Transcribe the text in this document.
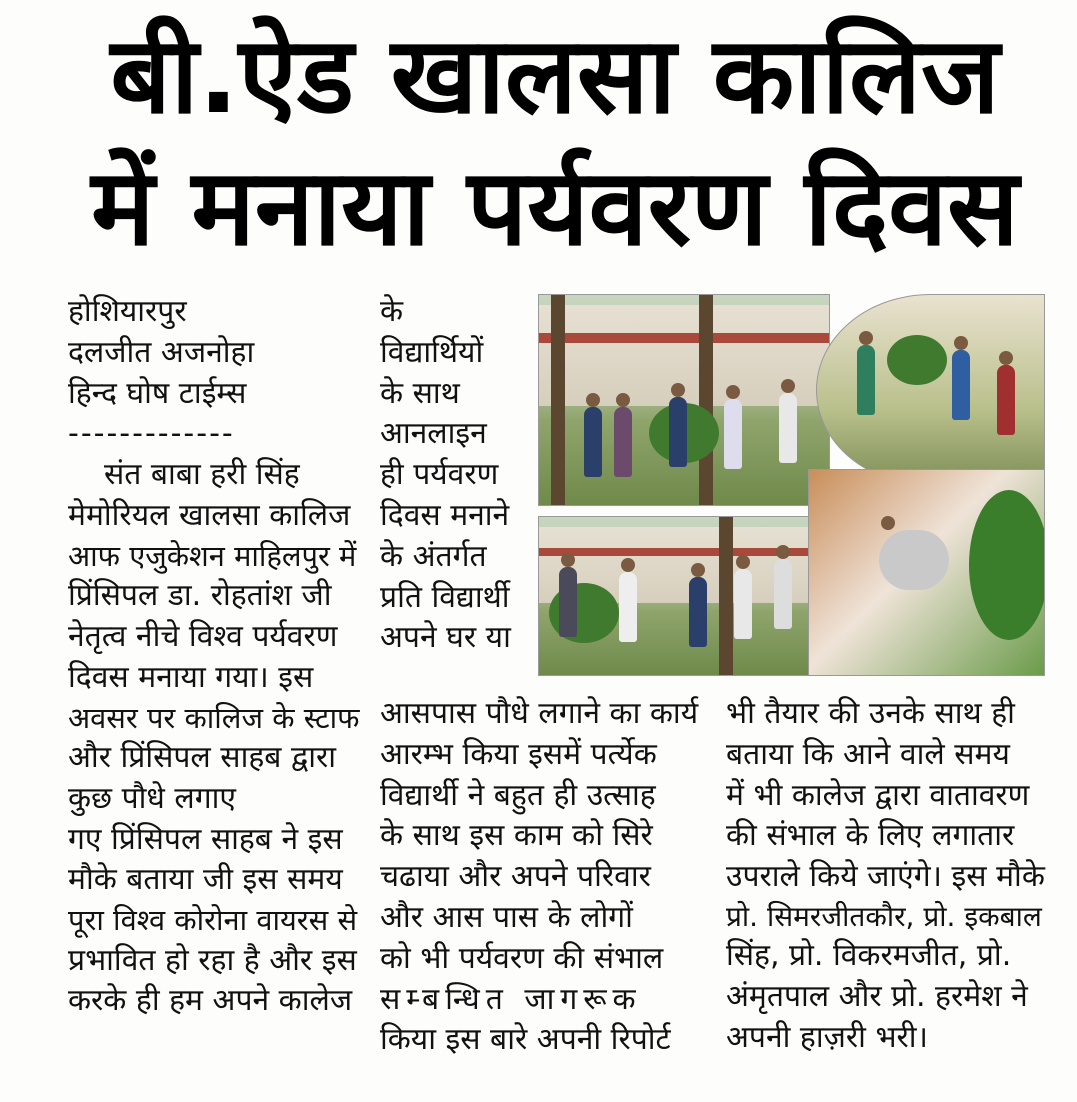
बी.ऐड खालसा कालिज
में मनाया पर्यवरण दिवस
होशियारपुर
दलजीत अजनोहा
हिन्द घोष टाईम्स
-------------
संत बाबा हरी सिंह
मेमोरियल खालसा कालिज
आफ एजुकेशन माहिलपुर में
प्रिंसिपल डा. रोहतांश जी
नेतृत्व नीचे विश्व पर्यवरण
दिवस मनाया गया। इस
अवसर पर कालिज के स्टाफ
और प्रिंसिपल साहब द्वारा
कुछ पौधे लगाए
गए प्रिंसिपल साहब ने इस
मौके बताया जी इस समय
पूरा विश्व कोरोना वायरस से
प्रभावित हो रहा है और इस
करके ही हम अपने कालेज
के
विद्यार्थियों
के साथ
आनलाइन
ही पर्यवरण
दिवस मनाने
के अंतर्गत
प्रति विद्यार्थी
अपने घर या
आसपास पौधे लगाने का कार्य
आरम्भ किया इसमें पर्त्येक
विद्यार्थी ने बहुत ही उत्साह
के साथ इस काम को सिरे
चढाया और अपने परिवार
और आस पास के लोगों
को भी पर्यवरण की संभाल
सम्बन्धित जागरूक
किया इस बारे अपनी रिपोर्ट
भी तैयार की उनके साथ ही
बताया कि आने वाले समय
में भी कालेज द्वारा वातावरण
की संभाल के लिए लगातार
उपराले किये जाएंगे। इस मौके
प्रो. सिमरजीतकौर, प्रो. इकबाल
सिंह, प्रो. विकरमजीत, प्रो.
अंमृतपाल और प्रो. हरमेश ने
अपनी हाज़री भरी।
